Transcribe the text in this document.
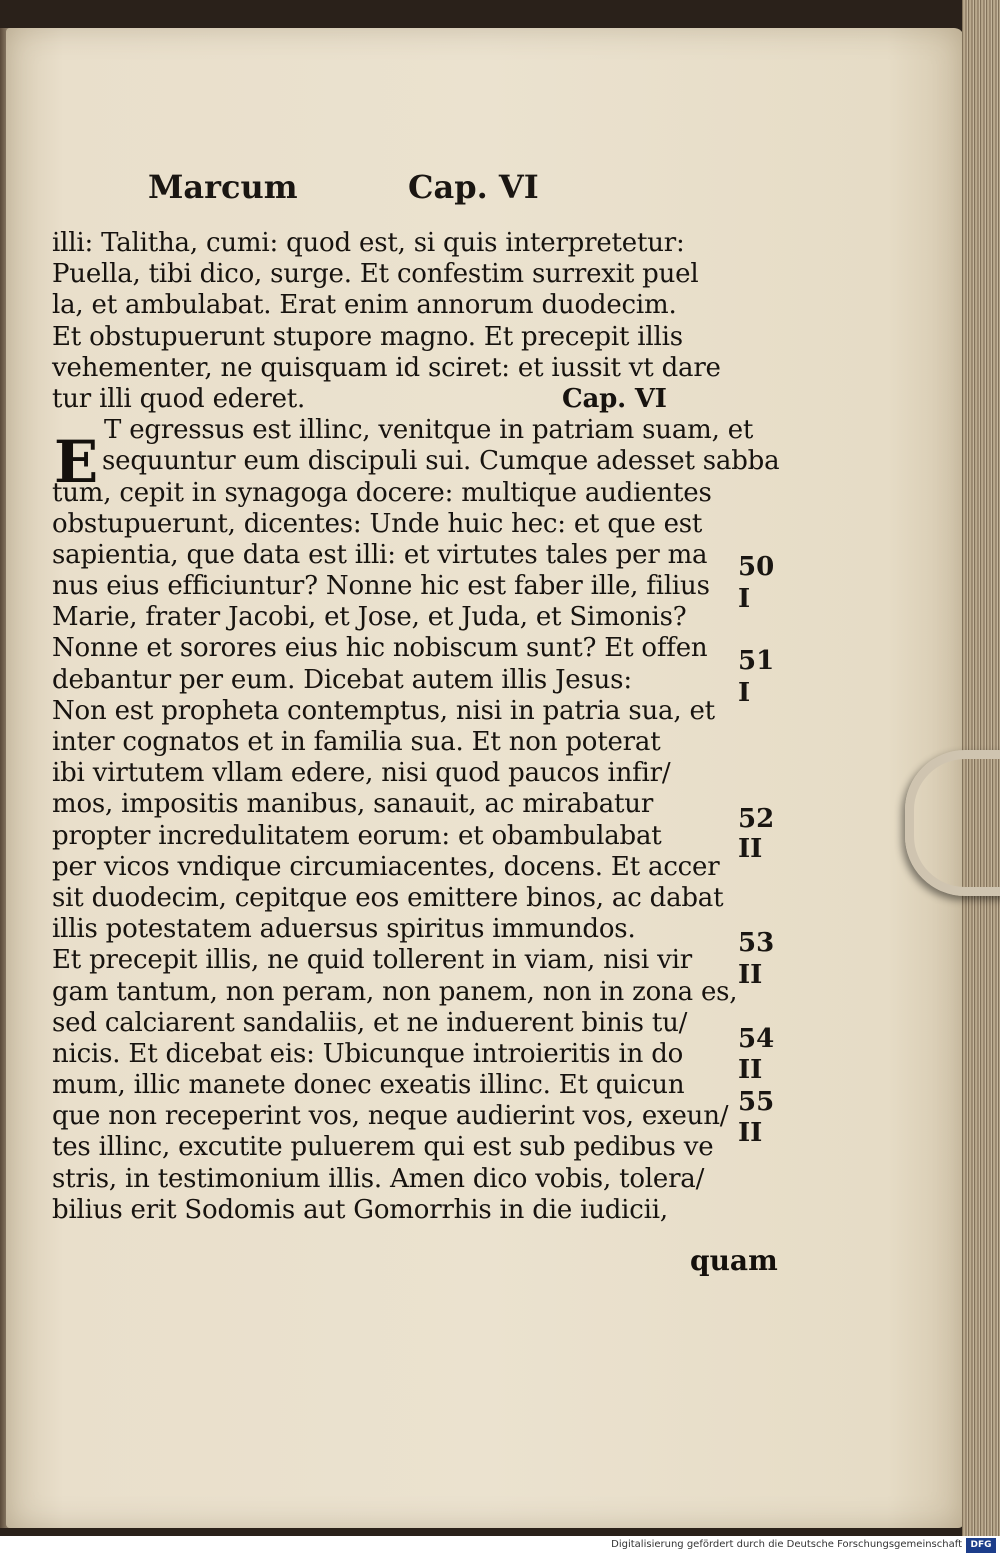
Marcum	Cap. VI
E
illi: Talitha, cumi: quod est, si quis interpretetur:
Puella, tibi dico, surge. Et confestim surrexit puel
la, et ambulabat. Erat enim annorum duodecim.
Et obstupuerunt stupore magno. Et precepit illis
vehementer, ne quisquam id sciret: et iussit vt dare
tur illi quod ederet.	Cap. VI
T egressus est illinc, venitque in patriam suam, et
sequuntur eum discipuli sui. Cumque adesset sabba
tum, cepit in synagoga docere: multique audientes
obstupuerunt, dicentes: Unde huic hec: et que est
sapientia, que data est illi: et virtutes tales per ma
nus eius efficiuntur? Nonne hic est faber ille, filius
Marie, frater Jacobi, et Jose, et Juda, et Simonis?
Nonne et sorores eius hic nobiscum sunt? Et offen
debantur per eum. Dicebat autem illis Jesus:
Non est propheta contemptus, nisi in patria sua, et
inter cognatos et in familia sua. Et non poterat
ibi virtutem vllam edere, nisi quod paucos infir/
mos, impositis manibus, sanauit, ac mirabatur
propter incredulitatem eorum: et obambulabat
per vicos vndique circumiacentes, docens. Et accer
sit duodecim, cepitque eos emittere binos, ac dabat
illis potestatem aduersus spiritus immundos.
Et precepit illis, ne quid tollerent in viam, nisi vir
gam tantum, non peram, non panem, non in zona es,
sed calciarent sandaliis, et ne induerent binis tu/
nicis. Et dicebat eis: Ubicunque introieritis in do
mum, illic manete donec exeatis illinc. Et quicun
que non receperint vos, neque audierint vos, exeun/
tes illinc, excutite puluerem qui est sub pedibus ve
stris, in testimonium illis. Amen dico vobis, tolera/
bilius erit Sodomis aut Gomorrhis in die iudicii,
50
I
51
I
52
II
53
II
54
II
55
II
quam
Digitalisierung gefördert durch die Deutsche Forschungsgemeinschaft DFG
